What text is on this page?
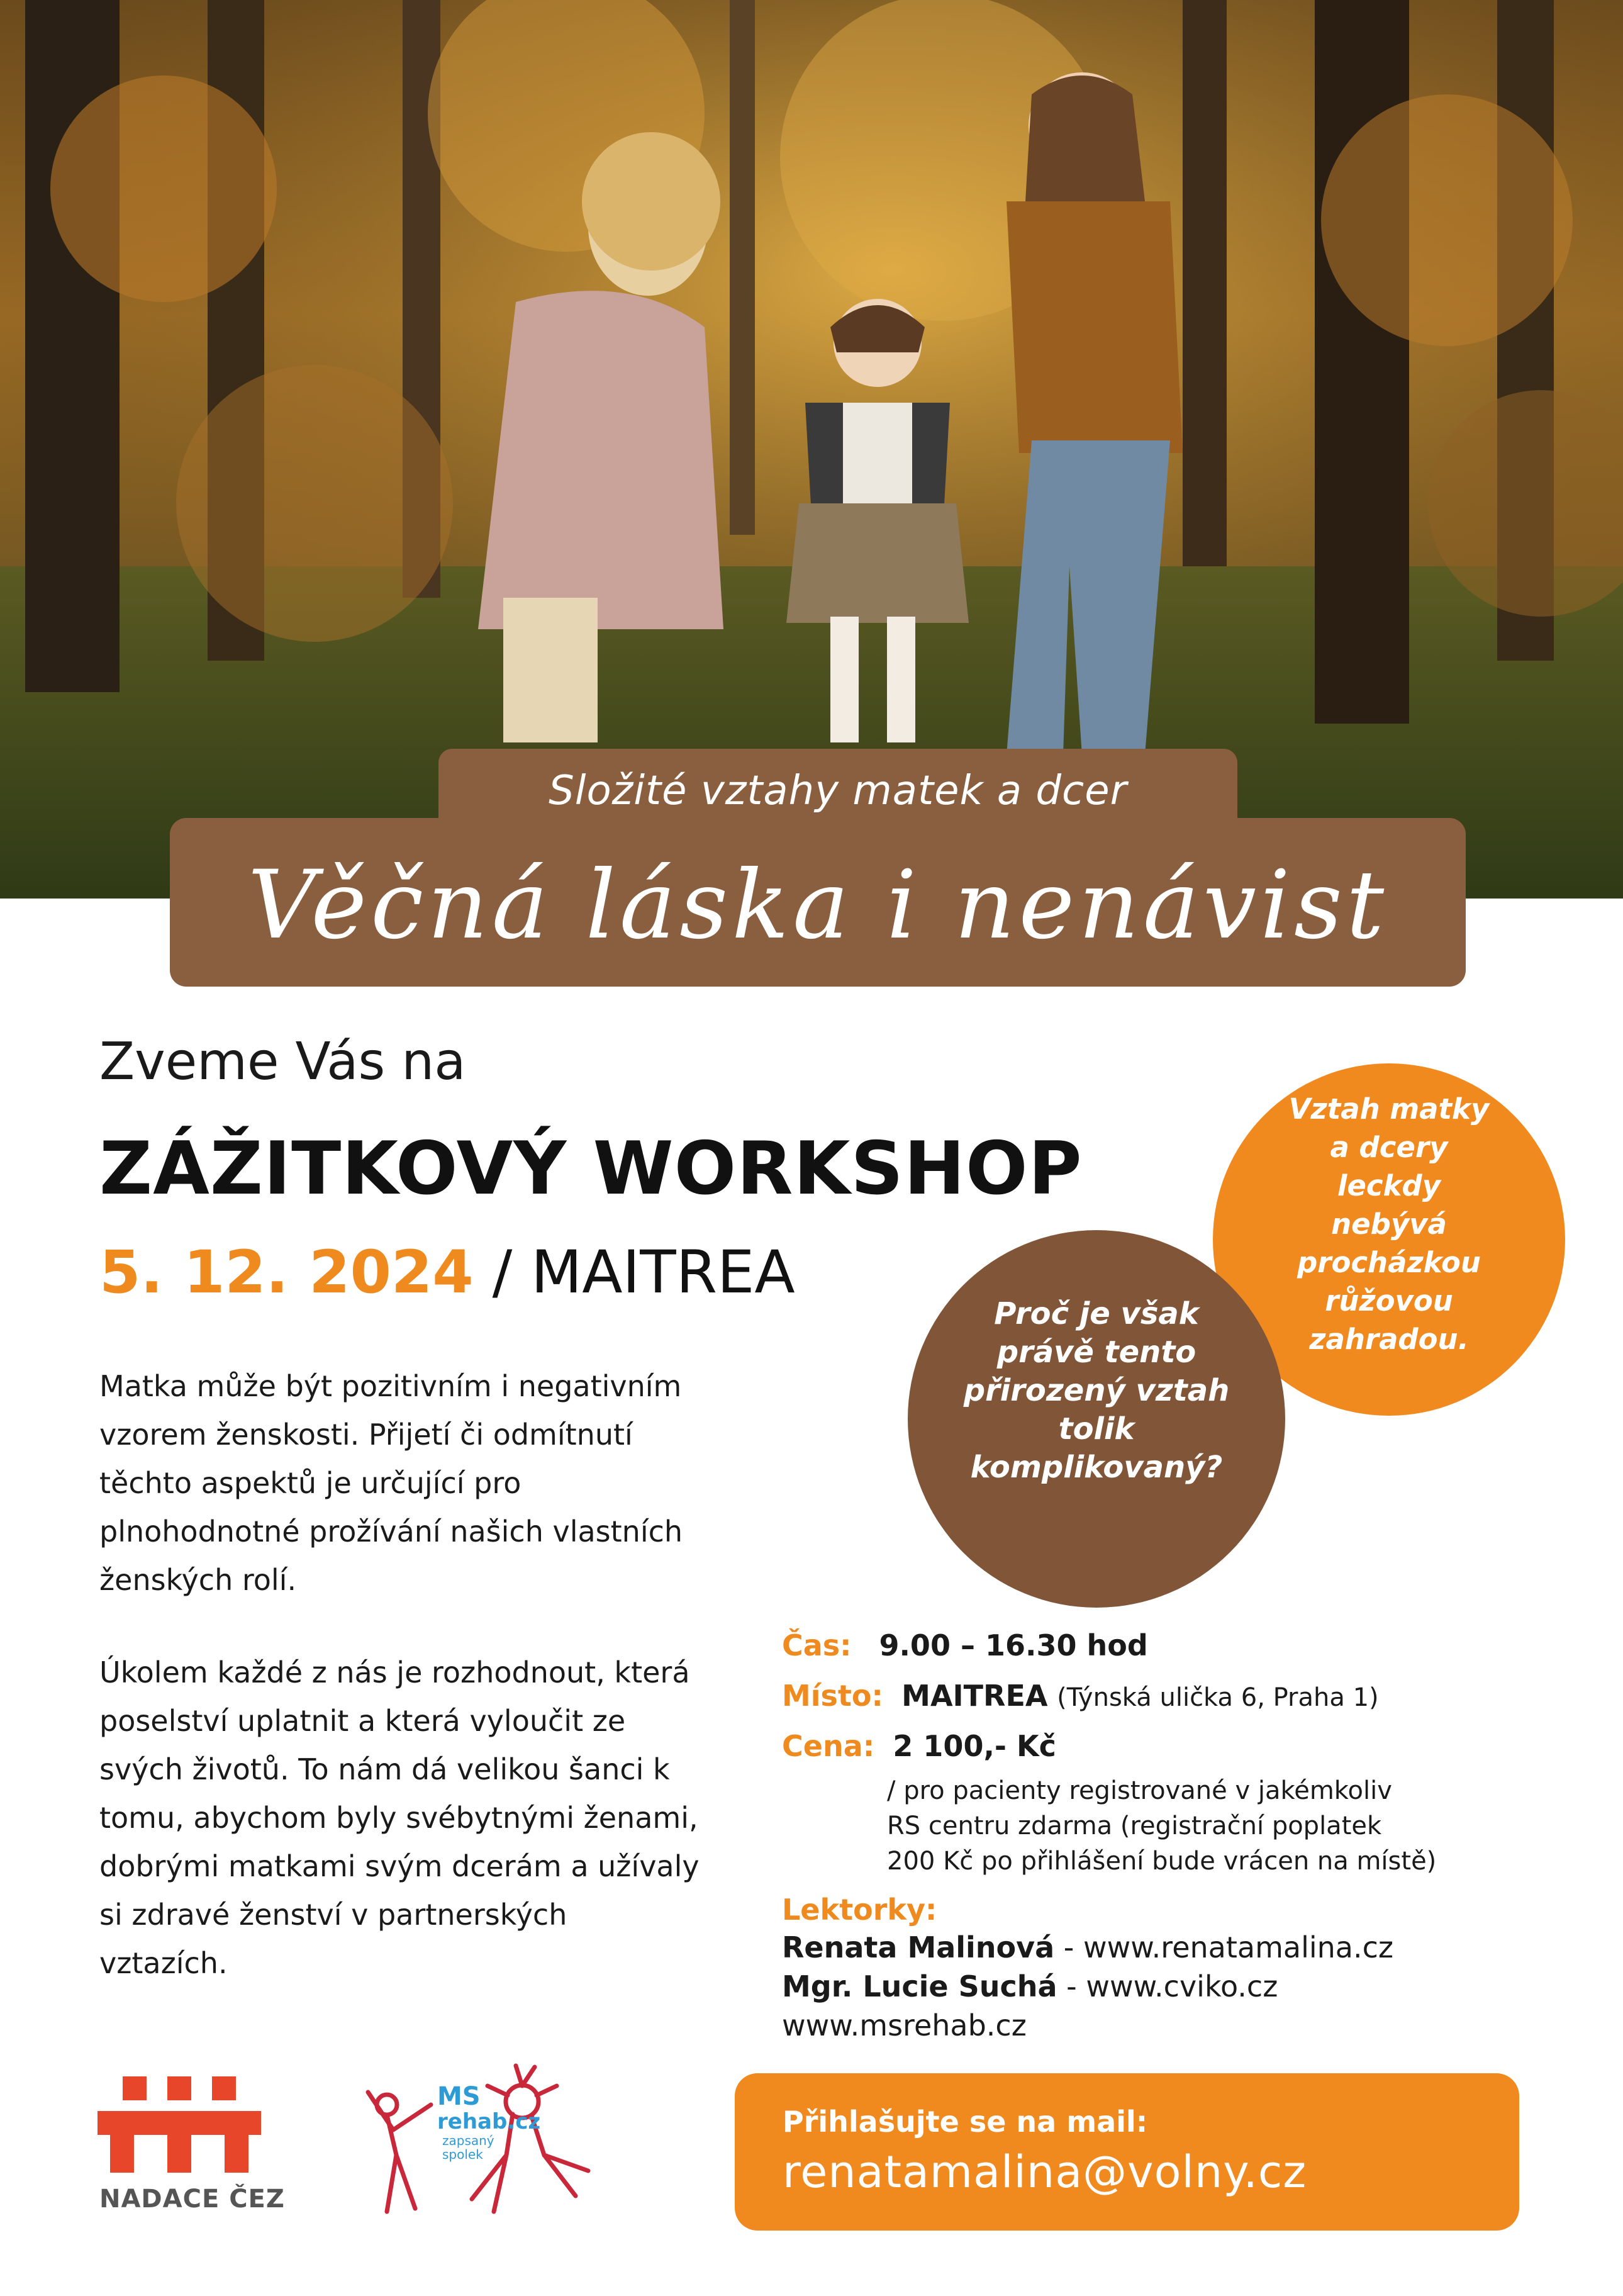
Složité vztahy matek a dcer
Věčná láska i nenávist
Zveme Vás na
ZÁŽITKOVÝ WORKSHOP
5. 12. 2024 / MAITREA

Matka může být pozitivním i negativním vzorem ženskosti. Přijetí či odmítnutí těchto aspektů je určující pro plnohodnotné prožívání našich vlastních ženských rolí.

Úkolem každé z nás je rozhodnout, která poselství uplatnit a která vyloučit ze svých životů. To nám dá velikou šanci k tomu, abychom byly svébytnými ženami, dobrými matkami svým dcerám a užívaly si zdravé ženství v partnerských vztazích.

Vztah matky a dcery leckdy nebývá procházkou růžovou zahradou.
Proč je však právě tento přirozený vztah tolik komplikovaný?
Čas: 9.00 – 16.30 hod
Místo: MAITREA (Týnská ulička 6, Praha 1)
Cena: 2 100,- Kč
/ pro pacienty registrované v jakémkoliv
RS centru zdarma (registrační poplatek
200 Kč po přihlášení bude vrácen na místě)
Lektorky:
Renata Malinová - www.renatamalina.cz
Mgr. Lucie Suchá - www.cviko.cz
www.msrehab.cz
Přihlašujte se na mail:
renatamalina@volny.cz
NADACE ČEZ
MS
rehab.cz
zapsaný
spolek
